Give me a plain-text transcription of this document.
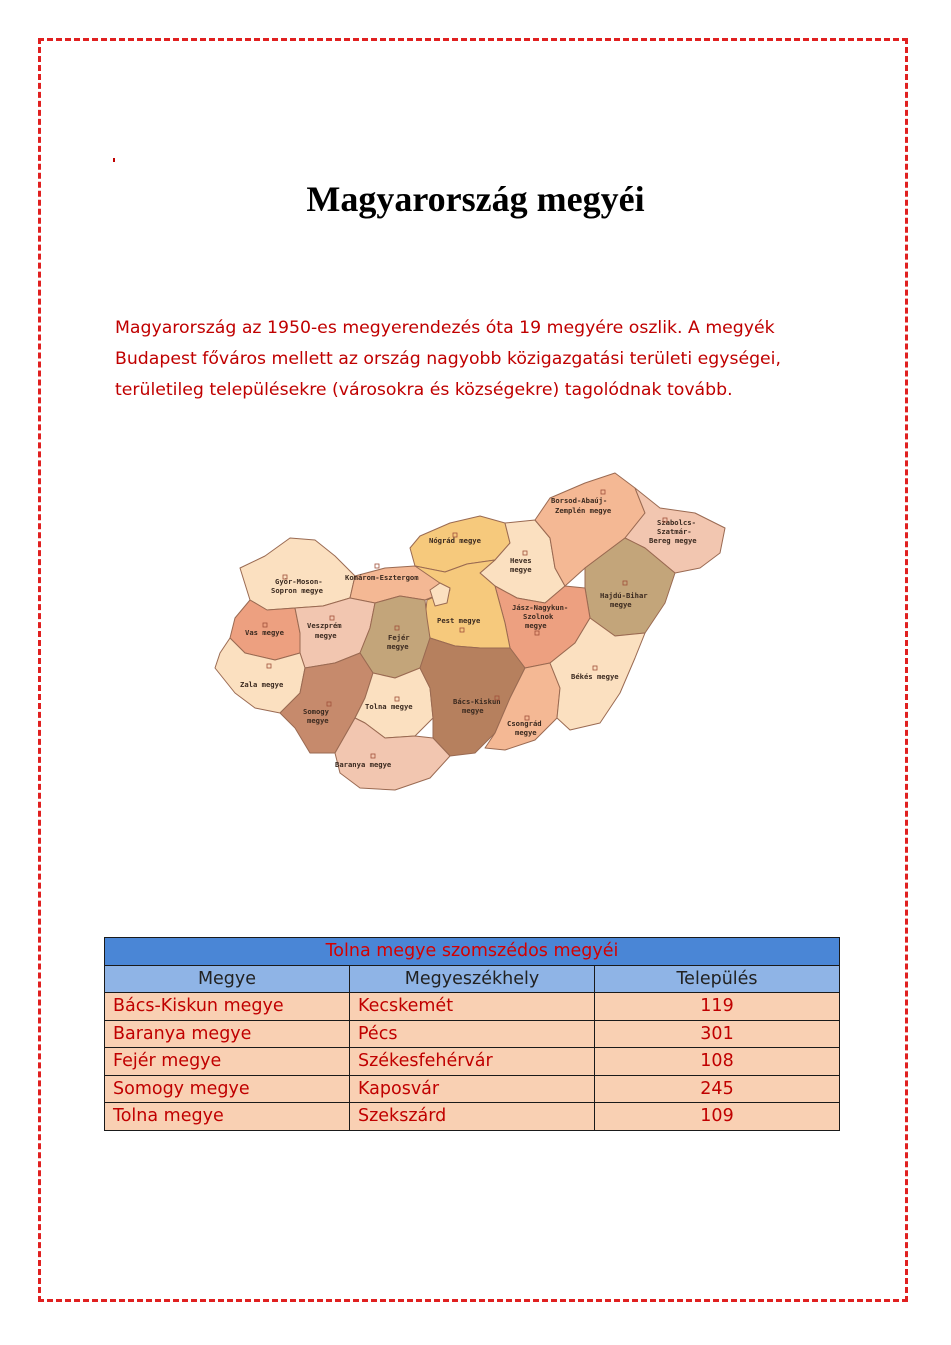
Magyarország megyéi

Magyarország az 1950-es megyerendezés óta 19 megyére oszlik. A megyék Budapest főváros mellett az ország nagyobb közigazgatási területi egységei, területileg településekre (városokra és községekre) tagolódnak tovább.

Borsod-Abaúj-
Zemplén megye
Szabolcs-
Szatmár-
Bereg megye
Nógrád megye
Heves
megye
Győr-Moson-
Sopron megye
Komárom-Esztergom
Hajdú-Bihar
megye
Jász-Nagykun-
Szolnok
megye
Vas megye
Veszprém
megye	Fejér
megye
Pest megye
Zala megye
Békés megye
Bács-Kiskun
megye
Somogy
megye
Tolna megye
Csongrád
megye
Baranya megye
Tolna megye szomszédos megyéi		
Megye	Megyeszékhely	Település
Bács-Kiskun megye	Kecskemét	119
Baranya megye	Pécs	301
Fejér megye	Székesfehérvár	108
Somogy megye	Kaposvár	245
Tolna megye	Szekszárd	109
